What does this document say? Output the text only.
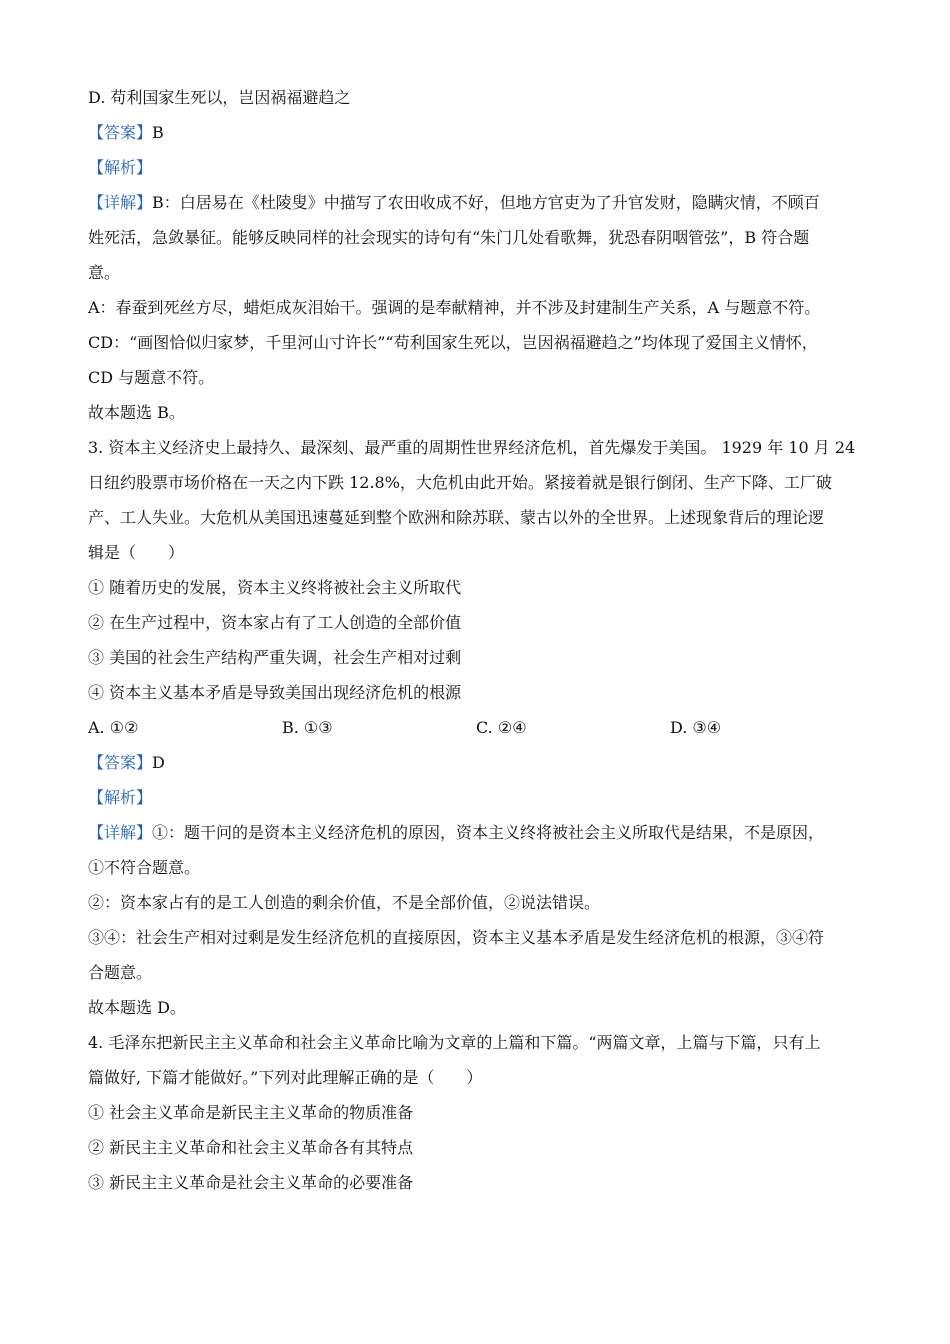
D. 苟利国家生死以，岂因祸福避趋之
【答案】B
【解析】
【详解】B：白居易在《杜陵叟》中描写了农田收成不好，但地方官吏为了升官发财，隐瞒灾情，不顾百
姓死活，急敛暴征。能够反映同样的社会现实的诗句有“朱门几处看歌舞，犹恐春阴咽管弦”，B 符合题
意。
A：春蚕到死丝方尽，蜡炬成灰泪始干。强调的是奉献精神，并不涉及封建制生产关系，A 与题意不符。
CD：“画图恰似归家梦，千里河山寸许长”“苟利国家生死以，岂因祸福避趋之”均体现了爱国主义情怀，
CD 与题意不符。
故本题选 B。
3. 资本主义经济史上最持久、最深刻、最严重的周期性世界经济危机，首先爆发于美国。 1929 年 10 月 24
日纽约股票市场价格在一天之内下跌 12.8%，大危机由此开始。紧接着就是银行倒闭、生产下降、工厂破
产、工人失业。大危机从美国迅速蔓延到整个欧洲和除苏联、蒙古以外的全世界。上述现象背后的理论逻
辑是（　　）
① 随着历史的发展，资本主义终将被社会主义所取代
② 在生产过程中，资本家占有了工人创造的全部价值
③ 美国的社会生产结构严重失调，社会生产相对过剩
④ 资本主义基本矛盾是导致美国出现经济危机的根源
A. ①②	B. ①③	C. ②④	D. ③④
【答案】D
【解析】
【详解】①：题干问的是资本主义经济危机的原因，资本主义终将被社会主义所取代是结果，不是原因，
①不符合题意。
②：资本家占有的是工人创造的剩余价值，不是全部价值，②说法错误。
③④：社会生产相对过剩是发生经济危机的直接原因，资本主义基本矛盾是发生经济危机的根源，③④符
合题意。
故本题选 D。
4. 毛泽东把新民主主义革命和社会主义革命比喻为文章的上篇和下篇。“两篇文章，上篇与下篇，只有上
篇做好, 下篇才能做好。”下列对此理解正确的是（　　）
① 社会主义革命是新民主主义革命的物质准备
② 新民主主义革命和社会主义革命各有其特点
③ 新民主主义革命是社会主义革命的必要准备
